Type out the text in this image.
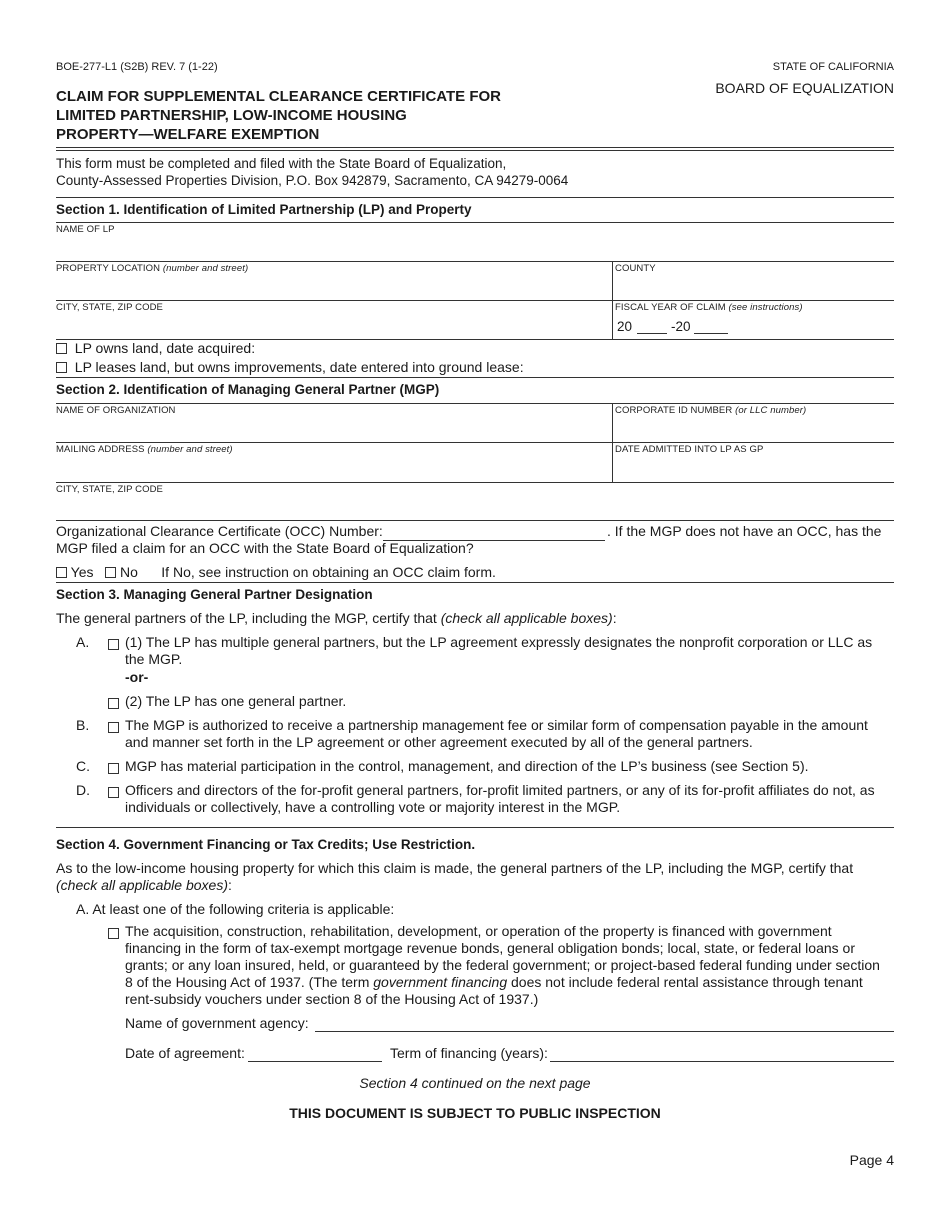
BOE-277-L1 (S2B) REV. 7 (1-22)	STATE OF CALIFORNIA
BOARD OF EQUALIZATION
CLAIM FOR SUPPLEMENTAL CLEARANCE CERTIFICATE FOR
LIMITED PARTNERSHIP, LOW-INCOME HOUSING
PROPERTY—WELFARE EXEMPTION
This form must be completed and filed with the State Board of Equalization,
County-Assessed Properties Division, P.O. Box 942879, Sacramento, CA 94279-0064
Section 1. Identification of Limited Partnership (LP) and Property
NAME OF LP
PROPERTY LOCATION (number and street)	COUNTY
CITY, STATE, ZIP CODE	FISCAL YEAR OF CLAIM (see instructions)
20	-20
LP owns land, date acquired:
LP leases land, but owns improvements, date entered into ground lease:
Section 2. Identification of Managing General Partner (MGP)
NAME OF ORGANIZATION	CORPORATE ID NUMBER (or LLC number)
MAILING ADDRESS (number and street)	DATE ADMITTED INTO LP AS GP
CITY, STATE, ZIP CODE
Organizational Clearance Certificate (OCC) Number:	. If the MGP does not have an OCC, has the
MGP filed a claim for an OCC with the State Board of Equalization?
Yes No If No, see instruction on obtaining an OCC claim form.
Section 3. Managing General Partner Designation
The general partners of the LP, including the MGP, certify that (check all applicable boxes):
A.	(1) The LP has multiple general partners, but the LP agreement expressly designates the nonprofit corporation or LLC as
the MGP.
-or-
(2) The LP has one general partner.
B.	The MGP is authorized to receive a partnership management fee or similar form of compensation payable in the amount
and manner set forth in the LP agreement or other agreement executed by all of the general partners.
C.	MGP has material participation in the control, management, and direction of the LP’s business (see Section 5).
D.	Officers and directors of the for-profit general partners, for-profit limited partners, or any of its for-profit affiliates do not, as
individuals or collectively, have a controlling vote or majority interest in the MGP.
Section 4. Government Financing or Tax Credits; Use Restriction.
As to the low-income housing property for which this claim is made, the general partners of the LP, including the MGP, certify that
(check all applicable boxes):
A. At least one of the following criteria is applicable:
The acquisition, construction, rehabilitation, development, or operation of the property is financed with government
financing in the form of tax-exempt mortgage revenue bonds, general obligation bonds; local, state, or federal loans or
grants; or any loan insured, held, or guaranteed by the federal government; or project-based federal funding under section
8 of the Housing Act of 1937. (The term government financing does not include federal rental assistance through tenant
rent-subsidy vouchers under section 8 of the Housing Act of 1937.)
Name of government agency:
Date of agreement:	Term of financing (years):
Section 4 continued on the next page
THIS DOCUMENT IS SUBJECT TO PUBLIC INSPECTION
Page 4
